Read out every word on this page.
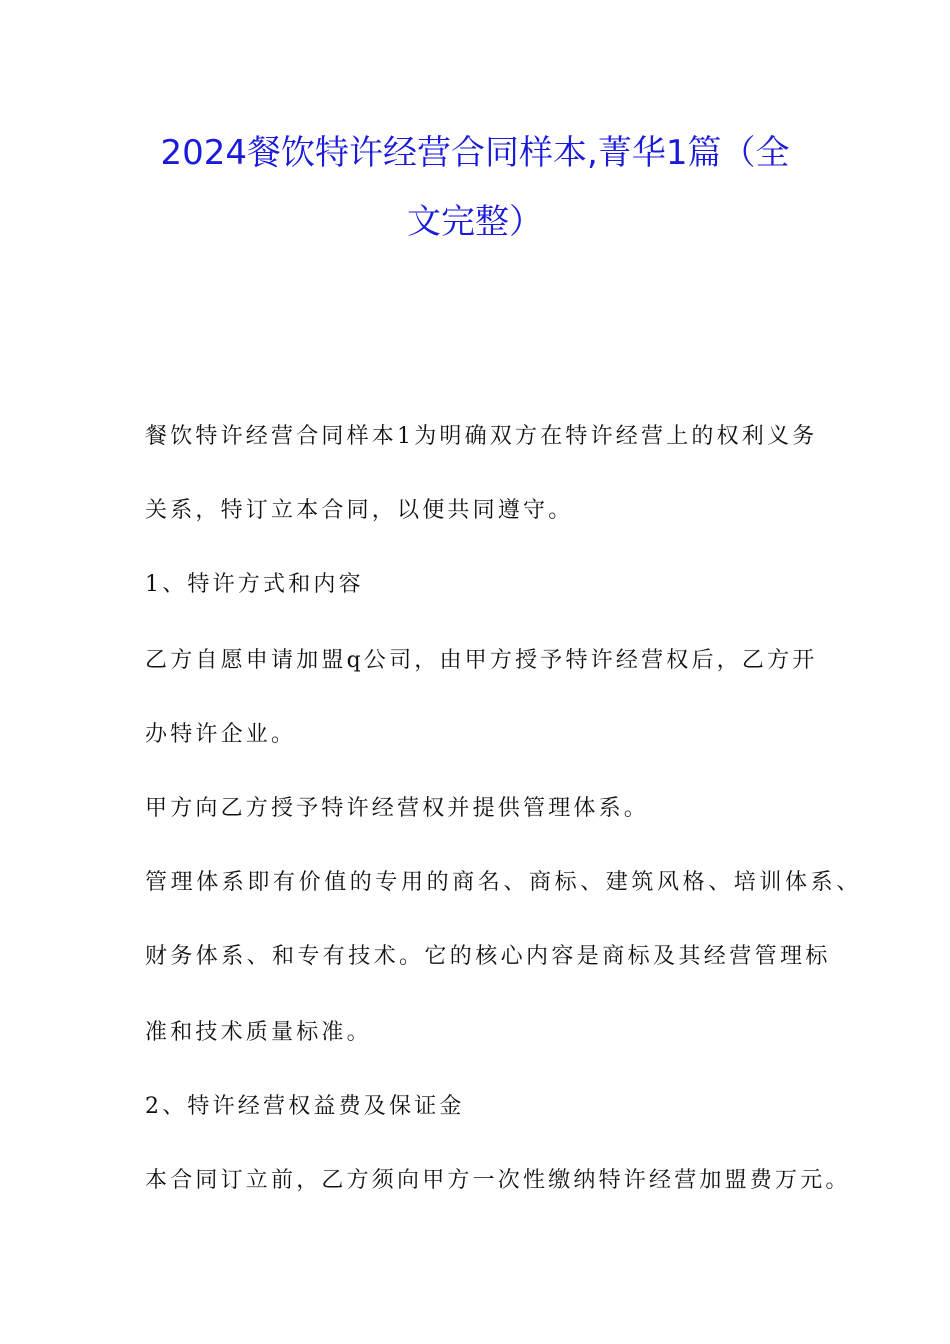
2024餐饮特许经营合同样本,菁华1篇（全
文完整）
餐饮特许经营合同样本1为明确双方在特许经营上的权利义务
关系，特订立本合同，以便共同遵守。
1、特许方式和内容
乙方自愿申请加盟q公司，由甲方授予特许经营权后，乙方开
办特许企业。
甲方向乙方授予特许经营权并提供管理体系。
管理体系即有价值的专用的商名、商标、建筑风格、培训体系、
财务体系、和专有技术。它的核心内容是商标及其经营管理标
准和技术质量标准。
2、特许经营权益费及保证金
本合同订立前，乙方须向甲方一次性缴纳特许经营加盟费万元。
